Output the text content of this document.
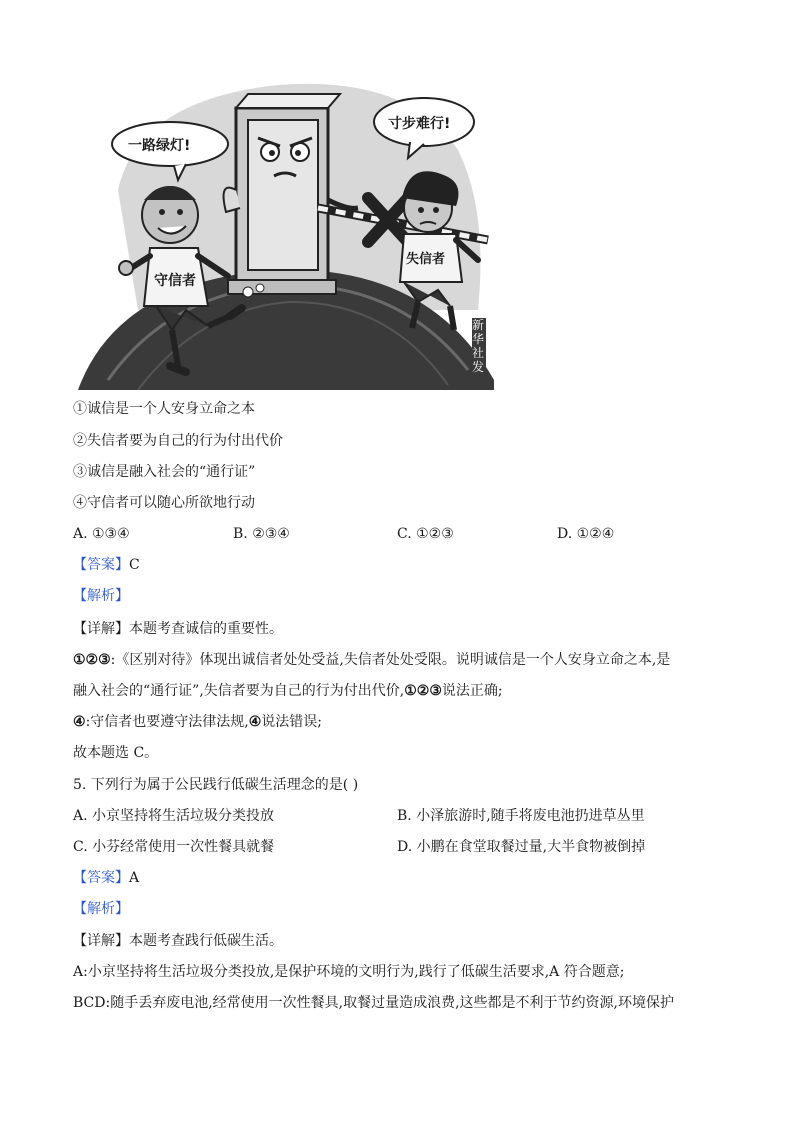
一路绿灯!
寸步难行!
守信者
失信者
新华社发
①诚信是一个人安身立命之本
②失信者要为自己的行为付出代价
③诚信是融入社会的“通行证”
④守信者可以随心所欲地行动
A. ①③④	B. ②③④	C. ①②③	D. ①②④
【答案】C
【解析】
【详解】本题考查诚信的重要性。
①②③:《区别对待》体现出诚信者处处受益,失信者处处受限。说明诚信是一个人安身立命之本,是
融入社会的“通行证”,失信者要为自己的行为付出代价,①②③说法正确;
④:守信者也要遵守法律法规,④说法错误;
故本题选 C。
5. 下列行为属于公民践行低碳生活理念的是( )
A. 小京坚持将生活垃圾分类投放	B. 小泽旅游时,随手将废电池扔进草丛里
C. 小芬经常使用一次性餐具就餐	D. 小鹏在食堂取餐过量,大半食物被倒掉
【答案】A
【解析】
【详解】本题考查践行低碳生活。
A:小京坚持将生活垃圾分类投放,是保护环境的文明行为,践行了低碳生活要求,A 符合题意;
BCD:随手丢弃废电池,经常使用一次性餐具,取餐过量造成浪费,这些都是不利于节约资源,环境保护
